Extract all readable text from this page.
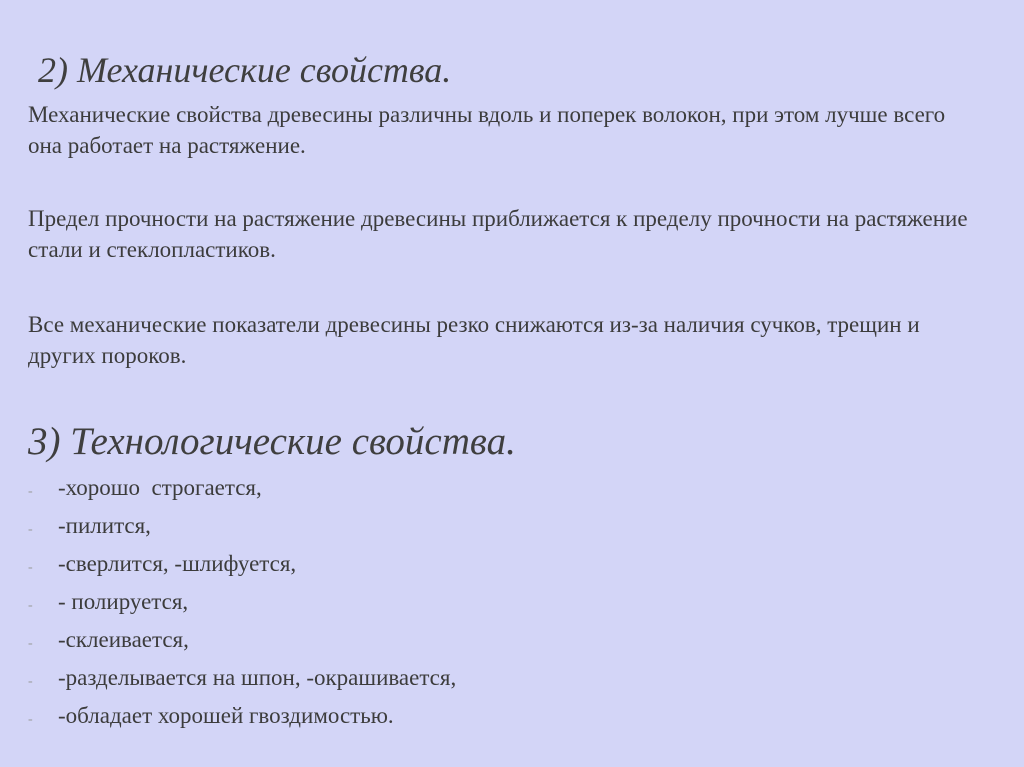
2) Механические свойства.

Механические свойства древесины различны вдоль и поперек волокон, при этом лучше всего она работает на растяжение.

Предел прочности на растяжение древесины приближается к пределу прочности на растяжение стали и стеклопластиков.

Все механические показатели древесины резко снижаются из-за наличия сучков, трещин и других пороков.

3) Технологические свойства.
-	-хорошо  строгается,
-	-пилится,
-	-сверлится, -шлифуется,
-	- полируется,
-	-склеивается,
-	-разделывается на шпон, -окрашивается,
-	-обладает хорошей гвоздимостью.
